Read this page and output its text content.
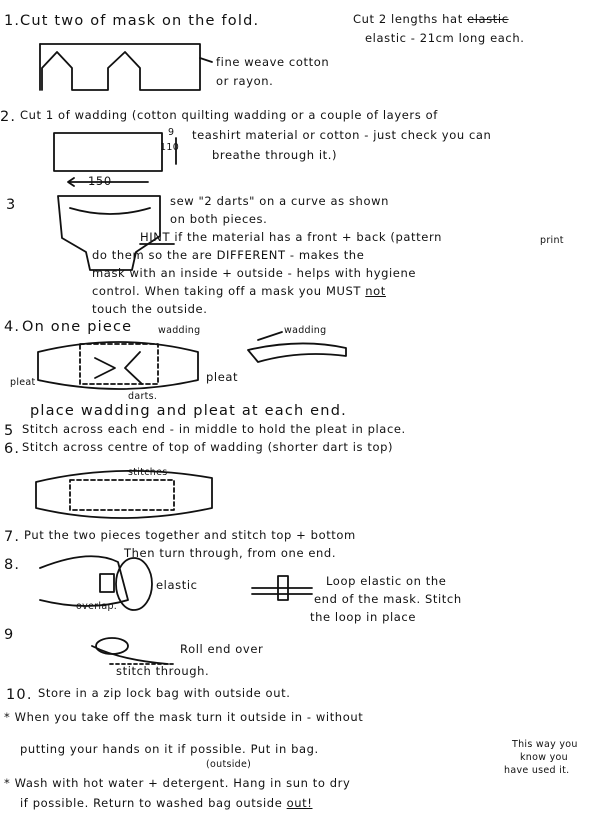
1. Cut two of mask on the fold.	Cut 2 lengths hat elastic
elastic - 21cm long each.
fine weave cotton
or rayon.
2. Cut 1 of wadding (cotton quilting wadding or a couple of layers of
teashirt material or cotton - just check you can
breathe through it.)
9
110
150
3	sew "2 darts" on a curve as shown
on both pieces.
HINT if the material has a front + back (pattern	print
do them so the are DIFFERENT - makes the
mask with an inside + outside - helps with hygiene
control. When taking off a mask you MUST not
touch the outside.
4. On one piece	wadding	wadding
pleat	pleat
darts.
place wadding and pleat at each end.
5 Stitch across each end - in middle to hold the pleat in place.
6. Stitch across centre of top of wadding (shorter dart is top)
stitches
7. Put the two pieces together and stitch top + bottom
Then turn through, from one end.
8.
elastic
overlap.
Loop elastic on the
end of the mask. Stitch
the loop in place
9
Roll end over
stitch through.
10. Store in a zip lock bag with outside out.
* When you take off the mask turn it outside in - without
putting your hands on it if possible. Put in bag.
(outside)
This way you
know you
have used it.
* Wash with hot water + detergent. Hang in sun to dry
if possible. Return to washed bag outside out!
